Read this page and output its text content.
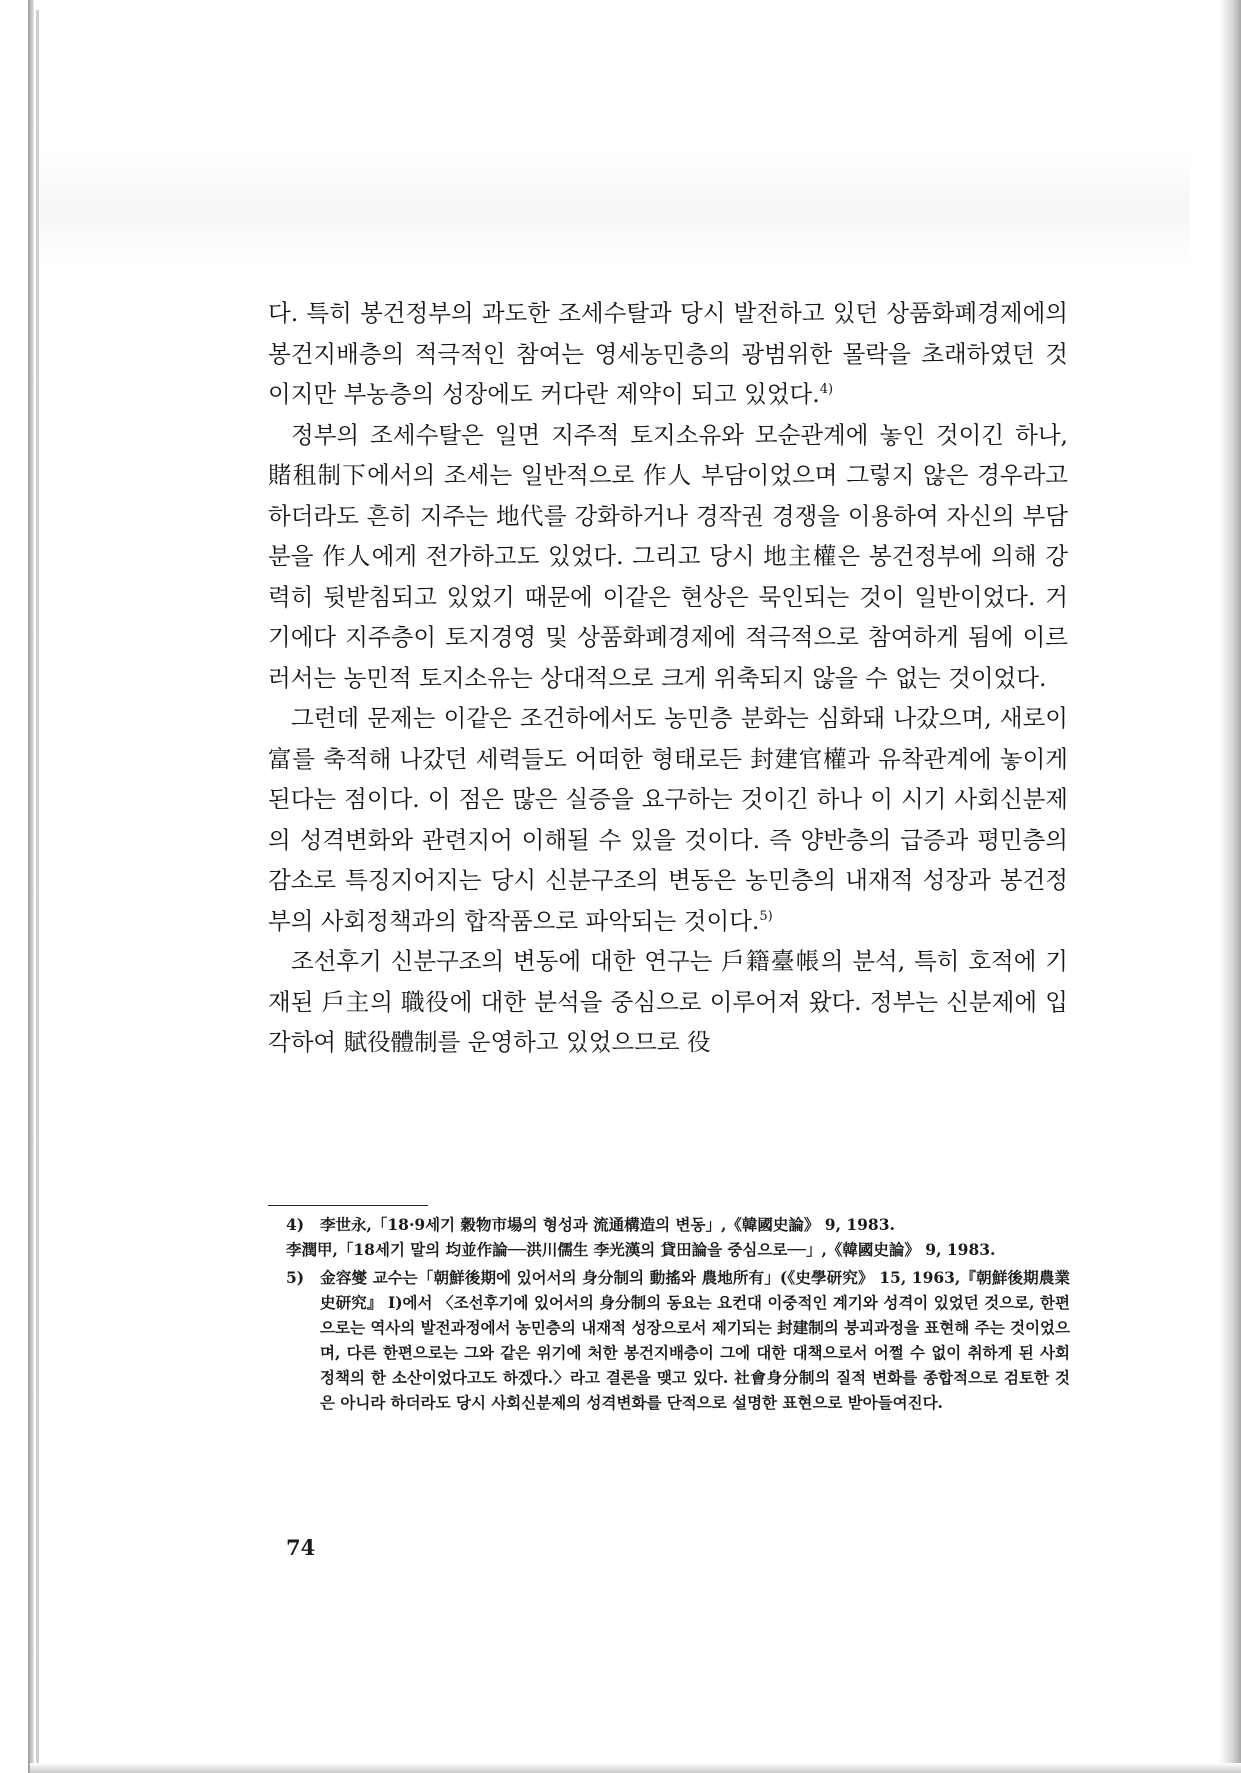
다. 특히 봉건정부의 과도한 조세수탈과 당시 발전하고 있던 상품화폐경제에의 봉건지배층의 적극적인 참여는 영세농민층의 광범위한 몰락을 초래하였던 것이지만 부농층의 성장에도 커다란 제약이 되고 있었다.$^{4)}$

정부의 조세수탈은 일면 지주적 토지소유와 모순관계에 놓인 것이긴 하나, 賭租制下에서의 조세는 일반적으로 作人 부담이었으며 그렇지 않은 경우라고 하더라도 흔히 지주는 地代를 강화하거나 경작권 경쟁을 이용하여 자신의 부담분을 作人에게 전가하고도 있었다. 그리고 당시 地主權은 봉건정부에 의해 강력히 뒷받침되고 있었기 때문에 이같은 현상은 묵인되는 것이 일반이었다. 거기에다 지주층이 토지경영 및 상품화폐경제에 적극적으로 참여하게 됨에 이르러서는 농민적 토지소유는 상대적으로 크게 위축되지 않을 수 없는 것이었다.

그런데 문제는 이같은 조건하에서도 농민층 분화는 심화돼 나갔으며, 새로이 富를 축적해 나갔던 세력들도 어떠한 형태로든 封建官權과 유착관계에 놓이게 된다는 점이다. 이 점은 많은 실증을 요구하는 것이긴 하나 이 시기 사회신분제의 성격변화와 관련지어 이해될 수 있을 것이다. 즉 양반층의 급증과 평민층의 감소로 특징지어지는 당시 신분구조의 변동은 농민층의 내재적 성장과 봉건정부의 사회정책과의 합작품으로 파악되는 것이다.$^{5)}$

조선후기 신분구조의 변동에 대한 연구는 戶籍臺帳의 분석, 특히 호적에 기재된 戶主의 職役에 대한 분석을 중심으로 이루어져 왔다. 정부는 신분제에 입각하여 賦役體制를 운영하고 있었으므로 役

4) 李世永,「18·9세기 穀物市場의 형성과 流通構造의 변동」,《韓國史論》 9, 1983.
李潤甲,「18세기 말의 均並作論──洪川儒生 李光漢의 貸田論을 중심으로──」,《韓國史論》 9, 1983.

5) 金容燮 교수는「朝鮮後期에 있어서의 身分制의 動搖와 農地所有」(《史學研究》 15, 1963,『朝鮮後期農業史研究』 I)에서 〈조선후기에 있어서의 身分制의 동요는 요컨대 이중적인 계기와 성격이 있었던 것으로, 한편으로는 역사의 발전과정에서 농민층의 내재적 성장으로서 제기되는 封建制의 붕괴과정을 표현해 주는 것이었으며, 다른 한편으로는 그와 같은 위기에 처한 봉건지배층이 그에 대한 대책으로서 어쩔 수 없이 취하게 된 사회정책의 한 소산이었다고도 하겠다.〉라고 결론을 맺고 있다. 社會身分制의 질적 변화를 종합적으로 검토한 것은 아니라 하더라도 당시 사회신분제의 성격변화를 단적으로 설명한 표현으로 받아들여진다.

74
